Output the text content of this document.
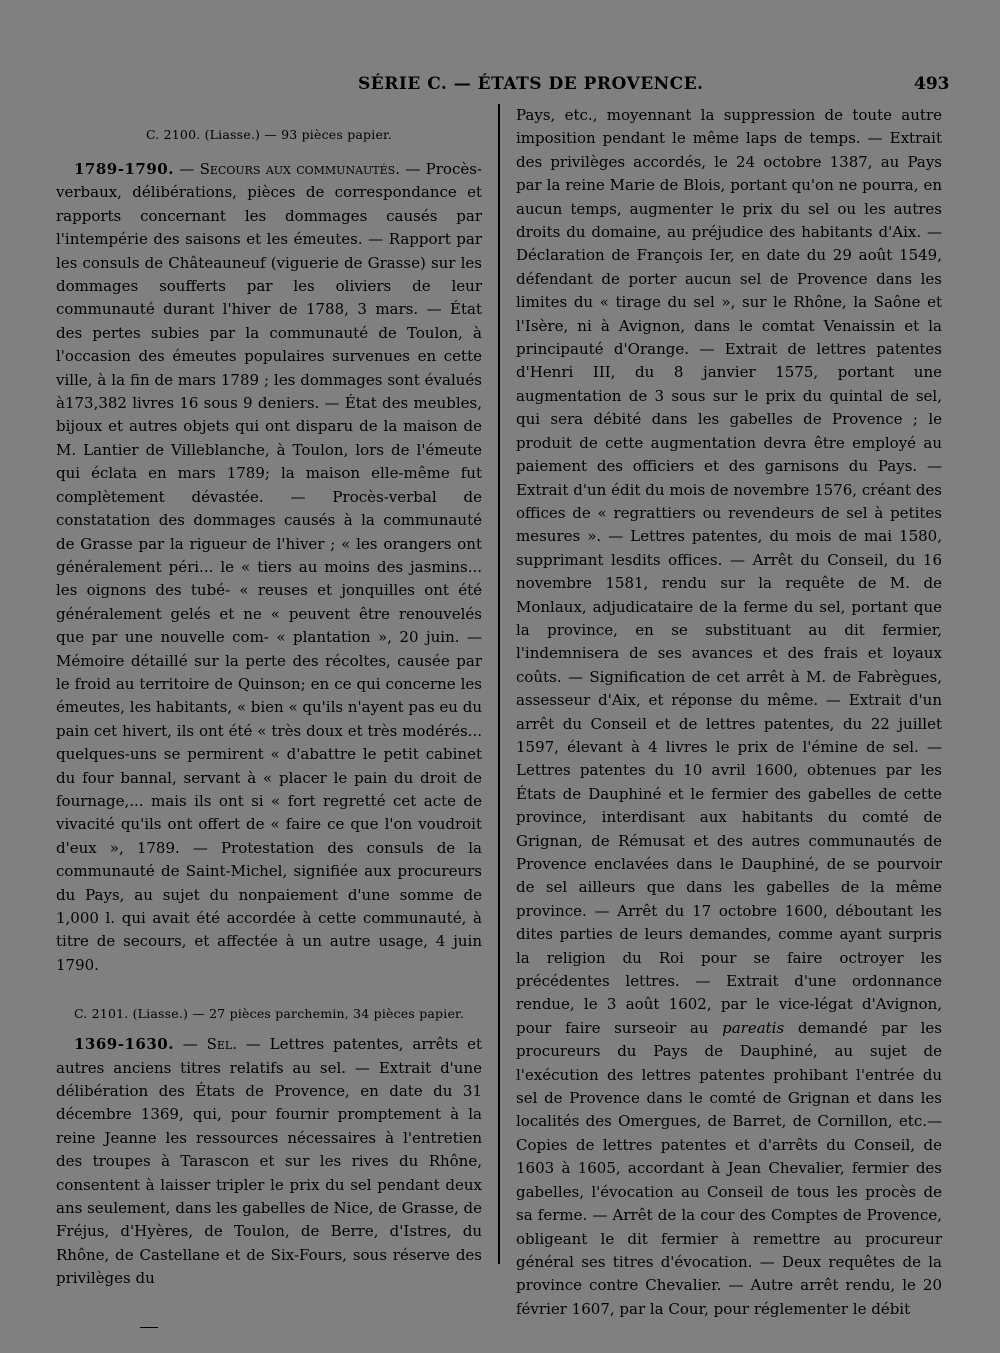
SÉRIE C. — ÉTATS DE PROVENCE.	493
C. 2100. (Liasse.) — 93 pièces papier.

1789-1790. — Secours aux communautés. — Procès-verbaux, délibérations, pièces de correspondance et rapports concernant les dommages causés par l'intempérie des saisons et les émeutes. — Rapport par les consuls de Châteauneuf (viguerie de Grasse) sur les dommages soufferts par les oliviers de leur communauté durant l'hiver de 1788, 3 mars. — État des pertes subies par la communauté de Toulon, à l'occasion des émeutes populaires survenues en cette ville, à la fin de mars 1789 ; les dommages sont évalués à173,382 livres 16 sous 9 deniers. — État des meubles, bijoux et autres objets qui ont disparu de la maison de M. Lantier de Villeblanche, à Toulon, lors de l'émeute qui éclata en mars 1789; la maison elle-même fut complètement dévastée. — Procès-verbal de constatation des dommages causés à la communauté de Grasse par la rigueur de l'hiver ; « les orangers ont généralement péri... le « tiers au moins des jasmins... les oignons des tubé- « reuses et jonquilles ont été généralement gelés et ne « peuvent être renouvelés que par une nouvelle com- « plantation », 20 juin. — Mémoire détaillé sur la perte des récoltes, causée par le froid au territoire de Quinson; en ce qui concerne les émeutes, les habitants, « bien « qu'ils n'ayent pas eu du pain cet hivert, ils ont été « très doux et très modérés... quelques-uns se permirent « d'abattre le petit cabinet du four bannal, servant à « placer le pain du droit de fournage,... mais ils ont si « fort regretté cet acte de vivacité qu'ils ont offert de « faire ce que l'on voudroit d'eux », 1789. — Protestation des consuls de la communauté de Saint-Michel, signifiée aux procureurs du Pays, au sujet du nonpaiement d'une somme de 1,000 l. qui avait été accordée à cette communauté, à titre de secours, et affectée à un autre usage, 4 juin 1790.

C. 2101. (Liasse.) — 27 pièces parchemin, 34 pièces papier.

1369-1630. — Sel. — Lettres patentes, arrêts et autres anciens titres relatifs au sel. — Extrait d'une délibération des États de Provence, en date du 31 décembre 1369, qui, pour fournir promptement à la reine Jeanne les ressources nécessaires à l'entretien des troupes à Tarascon et sur les rives du Rhône, consentent à laisser tripler le prix du sel pendant deux ans seulement, dans les gabelles de Nice, de Grasse, de Fréjus, d'Hyères, de Toulon, de Berre, d'Istres, du Rhône, de Castellane et de Six-Fours, sous réserve des privilèges du

Pays, etc., moyennant la suppression de toute autre imposition pendant le même laps de temps. — Extrait des privilèges accordés, le 24 octobre 1387, au Pays par la reine Marie de Blois, portant qu'on ne pourra, en aucun temps, augmenter le prix du sel ou les autres droits du domaine, au préjudice des habitants d'Aix. — Déclaration de François Ier, en date du 29 août 1549, défendant de porter aucun sel de Provence dans les limites du « tirage du sel », sur le Rhône, la Saône et l'Isère, ni à Avignon, dans le comtat Venaissin et la principauté d'Orange. — Extrait de lettres patentes d'Henri III, du 8 janvier 1575, portant une augmentation de 3 sous sur le prix du quintal de sel, qui sera débité dans les gabelles de Provence ; le produit de cette augmentation devra être employé au paiement des officiers et des garnisons du Pays. — Extrait d'un édit du mois de novembre 1576, créant des offices de « regrattiers ou revendeurs de sel à petites mesures ». — Lettres patentes, du mois de mai 1580, supprimant lesdits offices. — Arrêt du Conseil, du 16 novembre 1581, rendu sur la requête de M. de Monlaux, adjudicataire de la ferme du sel, portant que la province, en se substituant au dit fermier, l'indemnisera de ses avances et des frais et loyaux coûts. — Signification de cet arrêt à M. de Fabrègues, assesseur d'Aix, et réponse du même. — Extrait d'un arrêt du Conseil et de lettres patentes, du 22 juillet 1597, élevant à 4 livres le prix de l'émine de sel. — Lettres patentes du 10 avril 1600, obtenues par les États de Dauphiné et le fermier des gabelles de cette province, interdisant aux habitants du comté de Grignan, de Rémusat et des autres communautés de Provence enclavées dans le Dauphiné, de se pourvoir de sel ailleurs que dans les gabelles de la même province. — Arrêt du 17 octobre 1600, déboutant les dites parties de leurs demandes, comme ayant surpris la religion du Roi pour se faire octroyer les précédentes lettres. — Extrait d'une ordonnance rendue, le 3 août 1602, par le vice-légat d'Avignon, pour faire surseoir au pareatis demandé par les procureurs du Pays de Dauphiné, au sujet de l'exécution des lettres patentes prohibant l'entrée du sel de Provence dans le comté de Grignan et dans les localités des Omergues, de Barret, de Cornillon, etc.— Copies de lettres patentes et d'arrêts du Conseil, de 1603 à 1605, accordant à Jean Chevalier, fermier des gabelles, l'évocation au Conseil de tous les procès de sa ferme. — Arrêt de la cour des Comptes de Provence, obligeant le dit fermier à remettre au procureur général ses titres d'évocation. — Deux requêtes de la province contre Chevalier. — Autre arrêt rendu, le 20 février 1607, par la Cour, pour réglementer le débit
